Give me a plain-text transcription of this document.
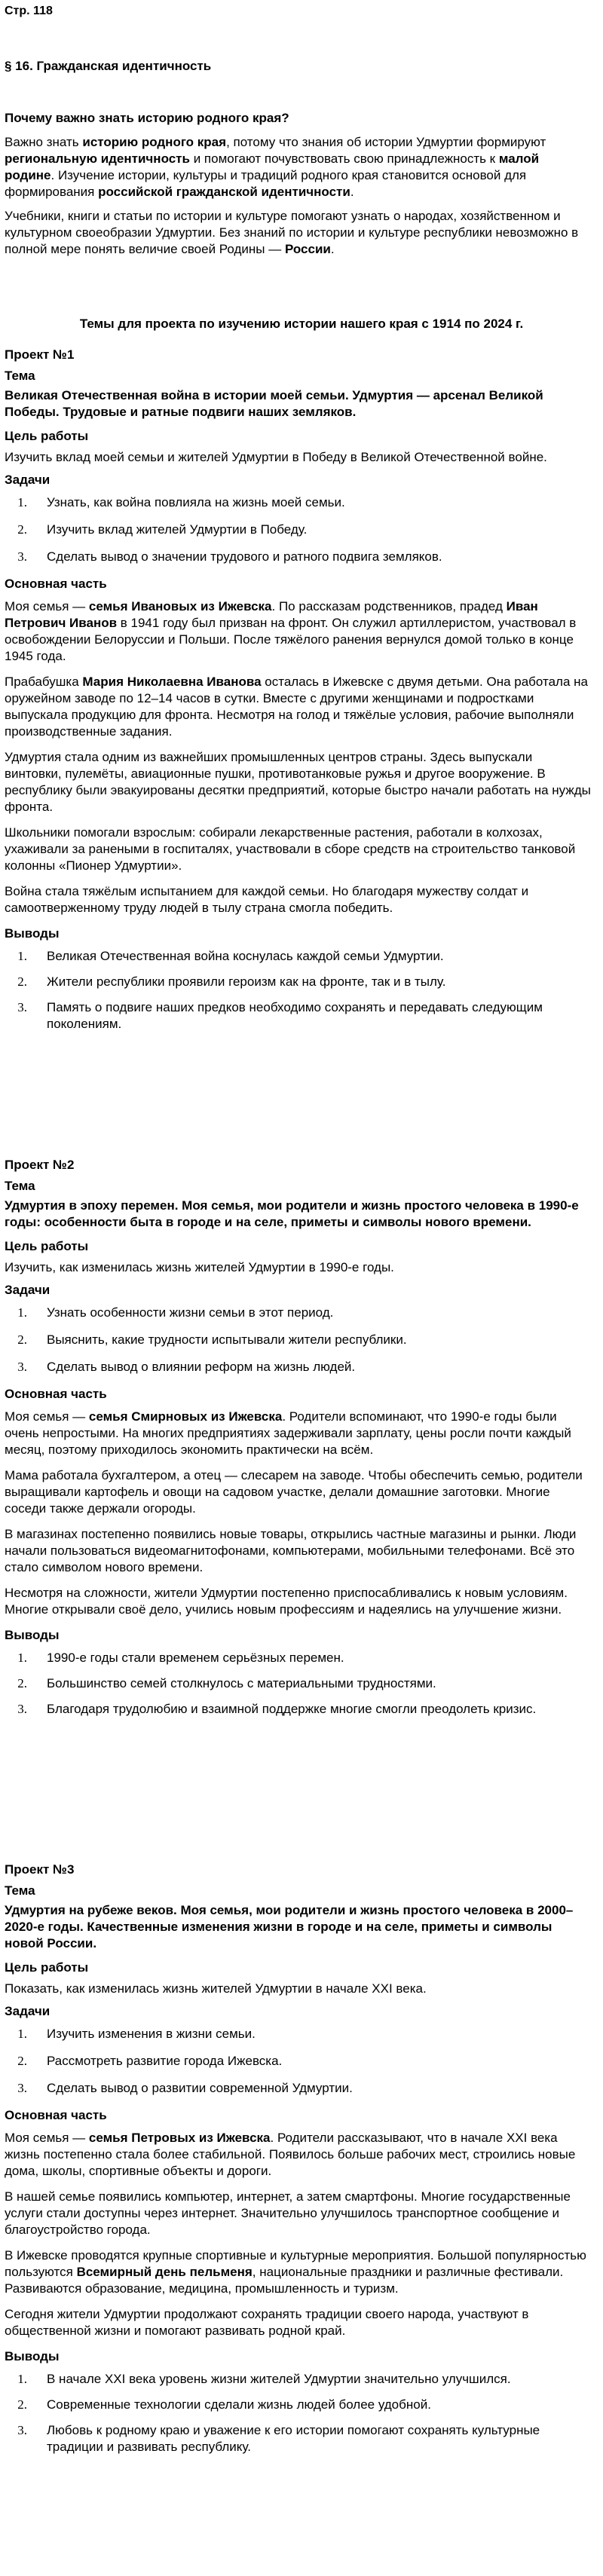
Стр. 118
§ 16. Гражданская идентичность
Почему важно знать историю родного края?

Важно знать историю родного края, потому что знания об истории Удмуртии формируют региональную идентичность и помогают почувствовать свою принадлежность к малой родине. Изучение истории, культуры и традиций родного края становится основой для формирования российской гражданской идентичности.

Учебники, книги и статьи по истории и культуре помогают узнать о народах, хозяйственном и культурном своеобразии Удмуртии. Без знаний по истории и культуре республики невозможно в полной мере понять величие своей Родины — России.

Темы для проекта по изучению истории нашего края с 1914 по 2024 г.

Проект №1

Тема

Великая Отечественная война в истории моей семьи. Удмуртия — арсенал Великой Победы. Трудовые и ратные подвиги наших земляков.

Цель работы

Изучить вклад моей семьи и жителей Удмуртии в Победу в Великой Отечественной войне.

Задачи

1. Узнать, как война повлияла на жизнь моей семьи.
2. Изучить вклад жителей Удмуртии в Победу.
3. Сделать вывод о значении трудового и ратного подвига земляков.

Основная часть

Моя семья — семья Ивановых из Ижевска. По рассказам родственников, прадед Иван Петрович Иванов в 1941 году был призван на фронт. Он служил артиллеристом, участвовал в освобождении Белоруссии и Польши. После тяжёлого ранения вернулся домой только в конце 1945 года.

Прабабушка Мария Николаевна Иванова осталась в Ижевске с двумя детьми. Она работала на оружейном заводе по 12–14 часов в сутки. Вместе с другими женщинами и подростками выпускала продукцию для фронта. Несмотря на голод и тяжёлые условия, рабочие выполняли производственные задания.

Удмуртия стала одним из важнейших промышленных центров страны. Здесь выпускали винтовки, пулемёты, авиационные пушки, противотанковые ружья и другое вооружение. В республику были эвакуированы десятки предприятий, которые быстро начали работать на нужды фронта.

Школьники помогали взрослым: собирали лекарственные растения, работали в колхозах, ухаживали за ранеными в госпиталях, участвовали в сборе средств на строительство танковой колонны «Пионер Удмуртии».

Война стала тяжёлым испытанием для каждой семьи. Но благодаря мужеству солдат и самоотверженному труду людей в тылу страна смогла победить.

Выводы

1. Великая Отечественная война коснулась каждой семьи Удмуртии.
2. Жители республики проявили героизм как на фронте, так и в тылу.
3. Память о подвиге наших предков необходимо сохранять и передавать следующим поколениям.

Проект №2

Тема

Удмуртия в эпоху перемен. Моя семья, мои родители и жизнь простого человека в 1990-е годы: особенности быта в городе и на селе, приметы и символы нового времени.

Цель работы

Изучить, как изменилась жизнь жителей Удмуртии в 1990-е годы.

Задачи

1. Узнать особенности жизни семьи в этот период.
2. Выяснить, какие трудности испытывали жители республики.
3. Сделать вывод о влиянии реформ на жизнь людей.

Основная часть

Моя семья — семья Смирновых из Ижевска. Родители вспоминают, что 1990-е годы были очень непростыми. На многих предприятиях задерживали зарплату, цены росли почти каждый месяц, поэтому приходилось экономить практически на всём.

Мама работала бухгалтером, а отец — слесарем на заводе. Чтобы обеспечить семью, родители выращивали картофель и овощи на садовом участке, делали домашние заготовки. Многие соседи также держали огороды.

В магазинах постепенно появились новые товары, открылись частные магазины и рынки. Люди начали пользоваться видеомагнитофонами, компьютерами, мобильными телефонами. Всё это стало символом нового времени.

Несмотря на сложности, жители Удмуртии постепенно приспосабливались к новым условиям. Многие открывали своё дело, учились новым профессиям и надеялись на улучшение жизни.

Выводы

1. 1990-е годы стали временем серьёзных перемен.
2. Большинство семей столкнулось с материальными трудностями.
3. Благодаря трудолюбию и взаимной поддержке многие смогли преодолеть кризис.

Проект №3

Тема

Удмуртия на рубеже веков. Моя семья, мои родители и жизнь простого человека в 2000–2020-е годы. Качественные изменения жизни в городе и на селе, приметы и символы новой России.

Цель работы

Показать, как изменилась жизнь жителей Удмуртии в начале XXI века.

Задачи

1. Изучить изменения в жизни семьи.
2. Рассмотреть развитие города Ижевска.
3. Сделать вывод о развитии современной Удмуртии.

Основная часть

Моя семья — семья Петровых из Ижевска. Родители рассказывают, что в начале XXI века жизнь постепенно стала более стабильной. Появилось больше рабочих мест, строились новые дома, школы, спортивные объекты и дороги.

В нашей семье появились компьютер, интернет, а затем смартфоны. Многие государственные услуги стали доступны через интернет. Значительно улучшилось транспортное сообщение и благоустройство города.

В Ижевске проводятся крупные спортивные и культурные мероприятия. Большой популярностью пользуются Всемирный день пельменя, национальные праздники и различные фестивали. Развиваются образование, медицина, промышленность и туризм.

Сегодня жители Удмуртии продолжают сохранять традиции своего народа, участвуют в общественной жизни и помогают развивать родной край.

Выводы

1. В начале XXI века уровень жизни жителей Удмуртии значительно улучшился.
2. Современные технологии сделали жизнь людей более удобной.
3. Любовь к родному краю и уважение к его истории помогают сохранять культурные традиции и развивать республику.
